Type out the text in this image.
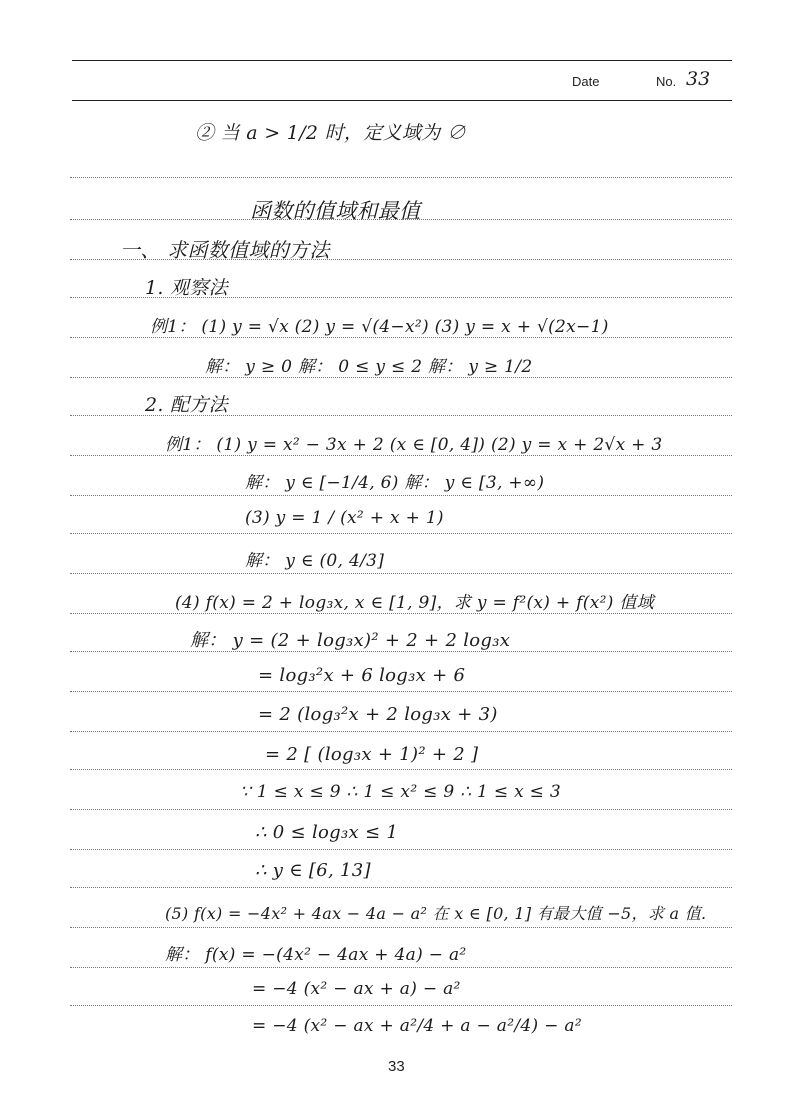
Date	No. 33
② 当 a > 1/2 时，定义域为 ∅
函数的值域和最值
一、 求函数值域的方法
1. 观察法
例1： (1) y = √x (2) y = √(4−x²) (3) y = x + √(2x−1)
解： y ≥ 0 解： 0 ≤ y ≤ 2 解： y ≥ 1/2
2. 配方法
例1： (1) y = x² − 3x + 2 (x ∈ [0, 4]) (2) y = x + 2√x + 3
解： y ∈ [−1/4, 6) 解： y ∈ [3, +∞)
(3) y = 1 / (x² + x + 1)
解： y ∈ (0, 4/3]
(4) f(x) = 2 + log₃x, x ∈ [1, 9]，求 y = f²(x) + f(x²) 值域
解： y = (2 + log₃x)² + 2 + 2 log₃x
= log₃²x + 6 log₃x + 6
= 2 (log₃²x + 2 log₃x + 3)
= 2 [ (log₃x + 1)² + 2 ]
∵ 1 ≤ x ≤ 9 ∴ 1 ≤ x² ≤ 9 ∴ 1 ≤ x ≤ 3
∴ 0 ≤ log₃x ≤ 1
∴ y ∈ [6, 13]
(5) f(x) = −4x² + 4ax − 4a − a² 在 x ∈ [0, 1] 有最大值 −5，求 a 值.
解： f(x) = −(4x² − 4ax + 4a) − a²
= −4 (x² − ax + a) − a²
= −4 (x² − ax + a²/4 + a − a²/4) − a²
33
